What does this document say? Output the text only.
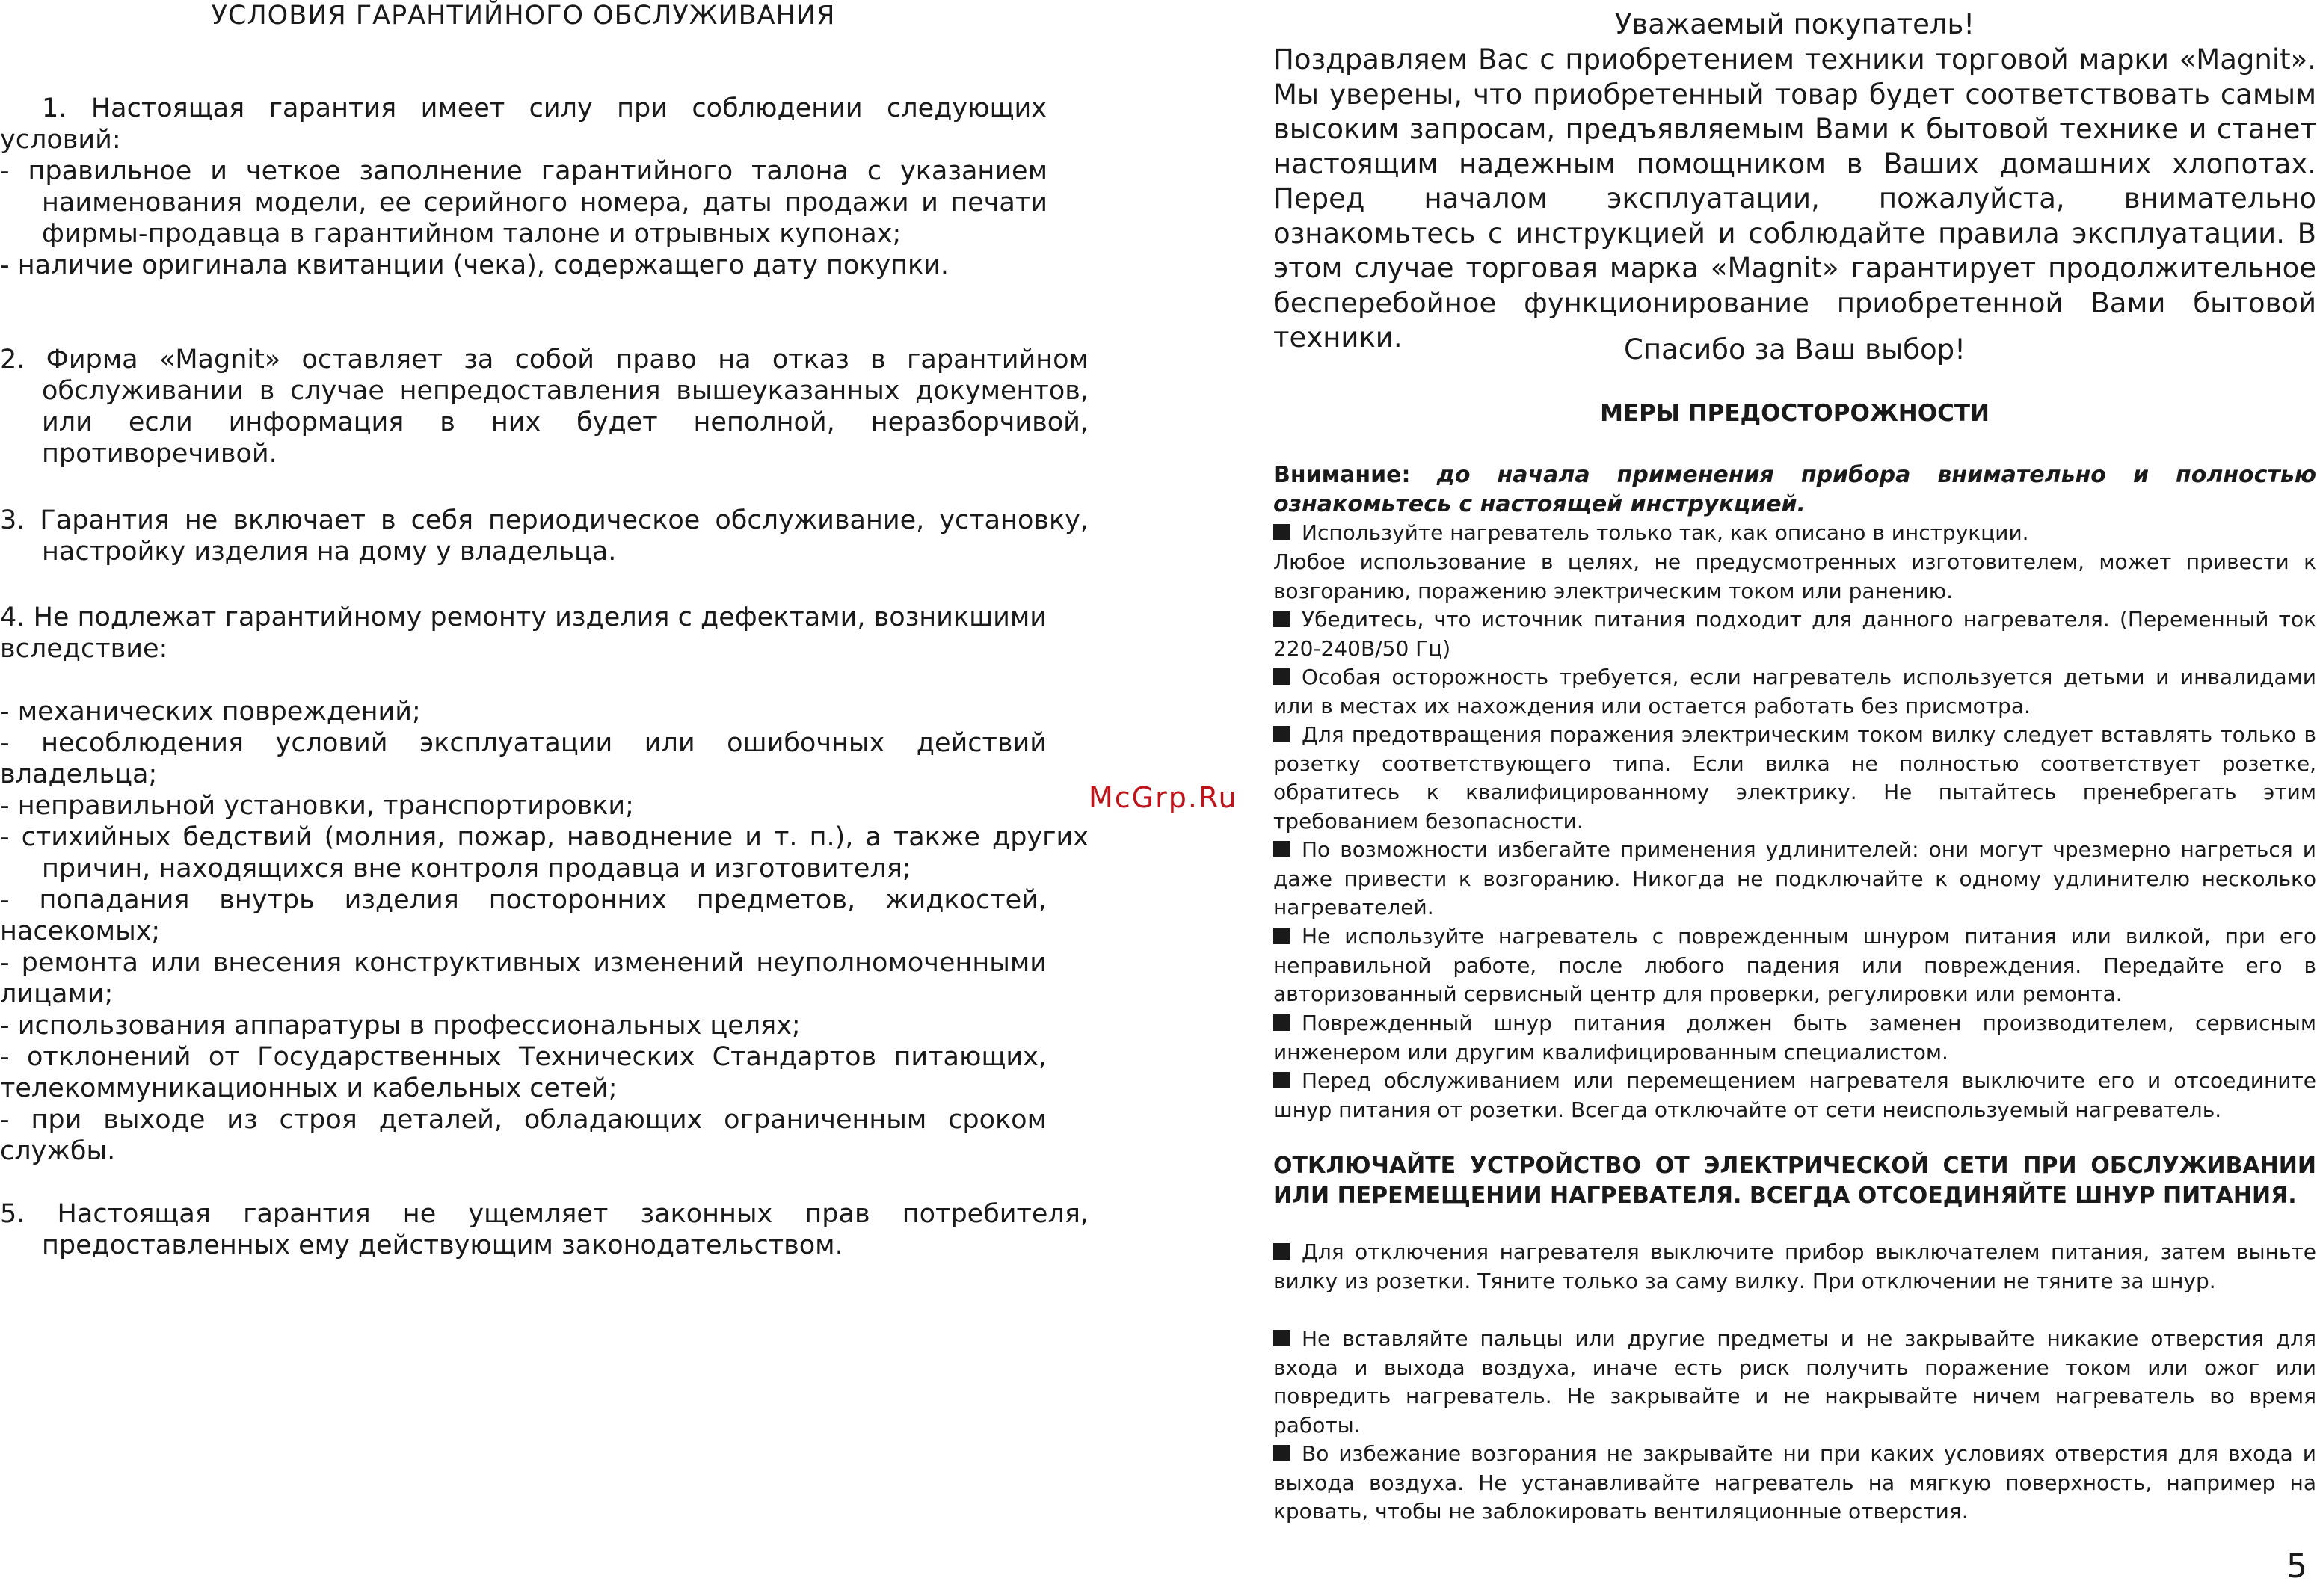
УСЛОВИЯ ГАРАНТИЙНОГО ОБСЛУЖИВАНИЯ

1. Настоящая гарантия имеет силу при соблюдении следующих условий:

- правильное и четкое заполнение гарантийного талона с указанием наименования модели, ее серийного номера, даты продажи и печати фирмы-продавца в гарантийном талоне и отрывных купонах;

- наличие оригинала квитанции (чека), содержащего дату покупки.

2. Фирма «Magnit» оставляет за собой право на отказ в гарантийном обслуживании в случае непредоставления вышеуказанных документов, или если информация в них будет неполной, неразборчивой, противоречивой.

3. Гарантия не включает в себя периодическое обслуживание, установку, настройку изделия на дому у владельца.

4. Не подлежат гарантийному ремонту изделия с дефектами, возникшими вследствие:

- механических повреждений;

- несоблюдения условий эксплуатации или ошибочных действий владельца;

- неправильной установки, транспортировки;

- стихийных бедствий (молния, пожар, наводнение и т. п.), а также других причин, находящихся вне контроля продавца и изготовителя;

- попадания внутрь изделия посторонних предметов, жидкостей, насекомых;

- ремонта или внесения конструктивных изменений неуполномоченными лицами;

- использования аппаратуры в профессиональных целях;

- отклонений от Государственных Технических Стандартов питающих, телекоммуникационных и кабельных сетей;

- при выходе из строя деталей, обладающих ограниченным сроком службы.

5. Настоящая гарантия не ущемляет законных прав потребителя, предоставленных ему действующим законодательством.

McGrp.Ru

Уважаемый покупатель!

Поздравляем Вас с приобретением техники торговой марки «Magnit». Мы уверены, что приобретенный товар будет соответствовать самым высоким запросам, предъявляемым Вами к бытовой технике и станет настоящим надежным помощником в Ваших домашних хлопотах. Перед началом эксплуатации, пожалуйста, внимательно ознакомьтесь с инструкцией и соблюдайте правила эксплуатации. В этом случае торговая марка «Magnit» гарантирует продолжительное бесперебойное функционирование приобретенной Вами бытовой техники.	Спасибо за Ваш выбор!

МЕРЫ ПРЕДОСТОРОЖНОСТИ

Внимание: до начала применения прибора внимательно и полностью ознакомьтесь с настоящей инструкцией.

Используйте нагреватель только так, как описано в инструкции.

Любое использование в целях, не предусмотренных изготовителем, может привести к возгоранию, поражению электрическим током или ранению.

Убедитесь, что источник питания подходит для данного нагревателя. (Переменный ток 220-240В/50 Гц)

Особая осторожность требуется, если нагреватель используется детьми и инвалидами или в местах их нахождения или остается работать без присмотра.

Для предотвращения поражения электрическим током вилку следует вставлять только в розетку соответствующего типа. Если вилка не полностью соответствует розетке, обратитесь к квалифицированному электрику. Не пытайтесь пренебрегать этим требованием безопасности.

По возможности избегайте применения удлинителей: они могут чрезмерно нагреться и даже привести к возгоранию. Никогда не подключайте к одному удлинителю несколько нагревателей.

Не используйте нагреватель с поврежденным шнуром питания или вилкой, при его неправильной работе, после любого падения или повреждения. Передайте его в авторизованный сервисный центр для проверки, регулировки или ремонта.

Поврежденный шнур питания должен быть заменен производителем, сервисным инженером или другим квалифицированным специалистом.

Перед обслуживанием или перемещением нагревателя выключите его и отсоедините шнур питания от розетки. Всегда отключайте от сети неиспользуемый нагреватель.

ОТКЛЮЧАЙТЕ УСТРОЙСТВО ОТ ЭЛЕКТРИЧЕСКОЙ СЕТИ ПРИ ОБСЛУЖИВАНИИ ИЛИ ПЕРЕМЕЩЕНИИ НАГРЕВАТЕЛЯ. ВСЕГДА ОТСОЕДИНЯЙТЕ ШНУР ПИТАНИЯ.

Для отключения нагревателя выключите прибор выключателем питания, затем выньте вилку из розетки. Тяните только за саму вилку. При отключении не тяните за шнур.

Не вставляйте пальцы или другие предметы и не закрывайте никакие отверстия для входа и выхода воздуха, иначе есть риск получить поражение током или ожог или повредить нагреватель. Не закрывайте и не накрывайте ничем нагреватель во время работы.

Во избежание возгорания не закрывайте ни при каких условиях отверстия для входа и выхода воздуха. Не устанавливайте нагреватель на мягкую поверхность, например на кровать, чтобы не заблокировать вентиляционные отверстия.

5
